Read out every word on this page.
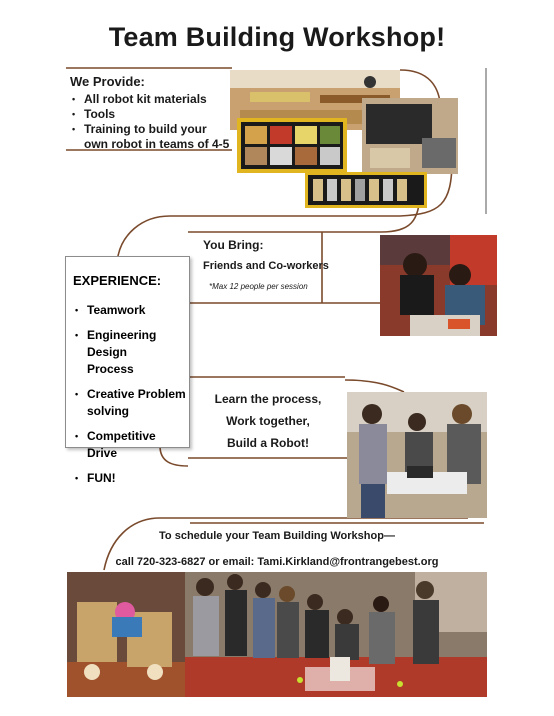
Team Building Workshop!
We Provide:
• All robot kit materials
• Tools
• Training to build your own robot in teams of 4-5
You Bring:
Friends and Co-workers
*Max 12 people per session
EXPERIENCE:
• Teamwork
• Engineering Design Process
• Creative Problem solving
• Competitive Drive
• FUN!
Learn the process,
Work together,
Build a Robot!
To schedule your Team Building Workshop—
call 720-323-6827 or email: Tami.Kirkland@frontrangebest.org
